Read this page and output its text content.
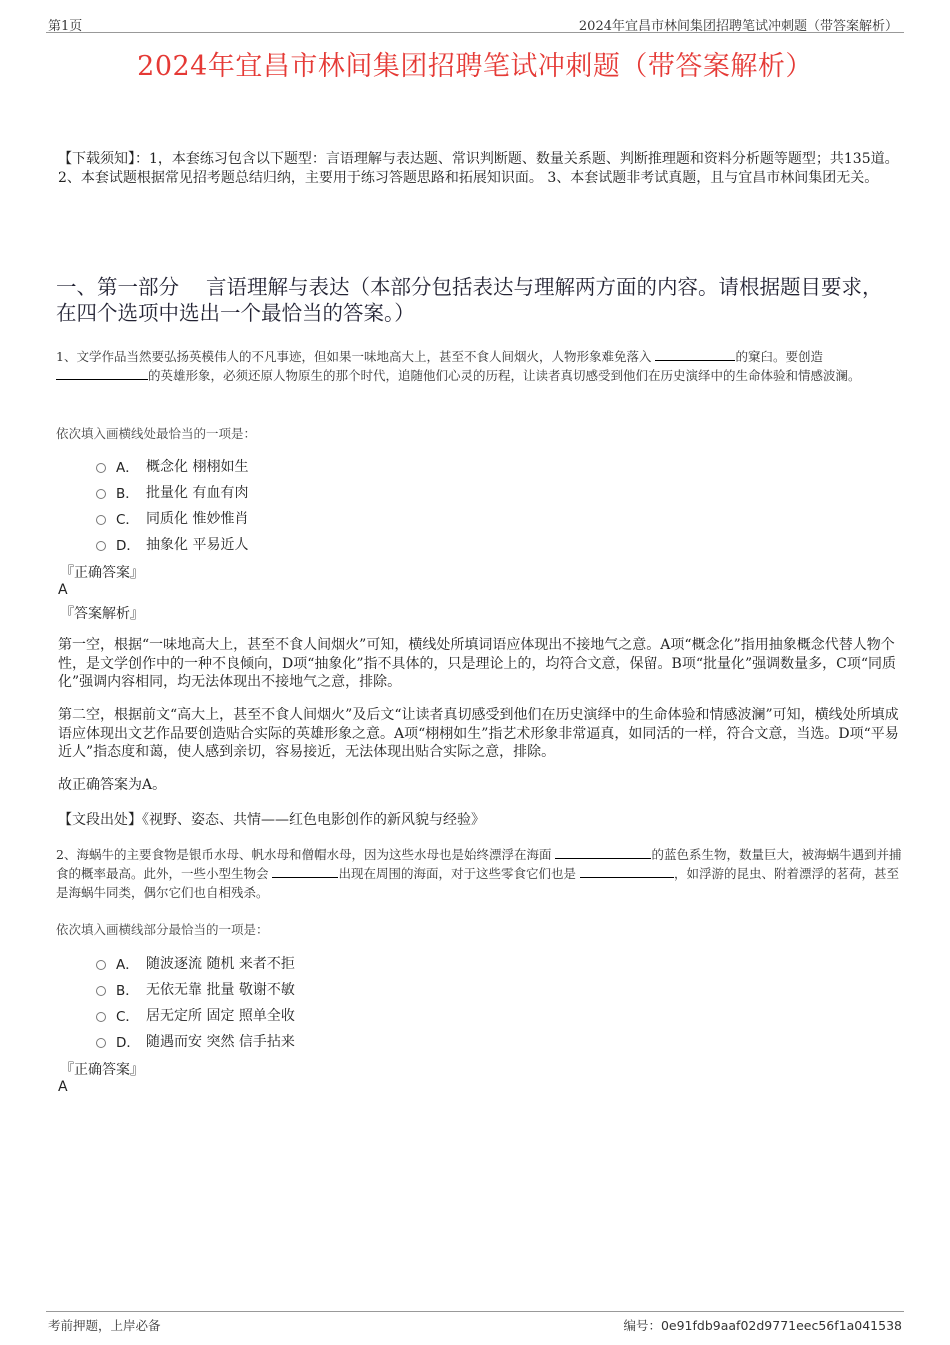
第1页	2024年宜昌市林间集团招聘笔试冲刺题（带答案解析）
2024年宜昌市林间集团招聘笔试冲刺题（带答案解析）
【下载须知】：1，本套练习包含以下题型：言语理解与表达题、常识判断题、数量关系题、判断推理题和资料分析题等题型；共135道。 2、本套试题根据常见招考题总结归纳，主要用于练习答题思路和拓展知识面。 3、本套试题非考试真题，且与宜昌市林间集团无关。
一、第一部分　 言语理解与表达（本部分包括表达与理解两方面的内容。请根据题目要求，在四个选项中选出一个最恰当的答案。）
1、文学作品当然要弘扬英模伟人的不凡事迹，但如果一味地高大上，甚至不食人间烟火，人物形象难免落入	的窠臼。要创造
的英雄形象，必须还原人物原生的那个时代，追随他们心灵的历程，让读者真切感受到他们在历史演绎中的生命体验和情感波澜。
依次填入画横线处最恰当的一项是：
A． 概念化 栩栩如生
B． 批量化 有血有肉
C． 同质化 惟妙惟肖
D． 抽象化 平易近人
『正确答案』
A
『答案解析』
第一空，根据“一味地高大上，甚至不食人间烟火”可知，横线处所填词语应体现出不接地气之意。A项“概念化”指用抽象概念代替人物个性，是文学创作中的一种不良倾向，D项“抽象化”指不具体的，只是理论上的，均符合文意，保留。B项“批量化”强调数量多，C项“同质化”强调内容相同，均无法体现出不接地气之意，排除。
第二空，根据前文“高大上，甚至不食人间烟火”及后文“让读者真切感受到他们在历史演绎中的生命体验和情感波澜”可知，横线处所填成语应体现出文艺作品要创造贴合实际的英雄形象之意。A项“栩栩如生”指艺术形象非常逼真，如同活的一样，符合文意，当选。D项“平易近人”指态度和蔼，使人感到亲切，容易接近，无法体现出贴合实际之意，排除。
故正确答案为A。
【文段出处】《视野、姿态、共情——红色电影创作的新风貌与经验》
2、海蜗牛的主要食物是银币水母、帆水母和僧帽水母，因为这些水母也是始终漂浮在海面	的蓝色系生物，数量巨大，被海蜗牛遇到并捕食的概率最高。此外，一些小型生物会	出现在周围的海面，对于这些零食它们也是	，如浮游的昆虫、附着漂浮的茗荷，甚至是海蜗牛同类，偶尔它们也自相残杀。
依次填入画横线部分最恰当的一项是：
A． 随波逐流 随机 来者不拒
B． 无依无靠 批量 敬谢不敏
C． 居无定所 固定 照单全收
D． 随遇而安 突然 信手拈来
『正确答案』
A
考前押题，上岸必备	编号：0e91fdb9aaf02d9771eec56f1a041538
